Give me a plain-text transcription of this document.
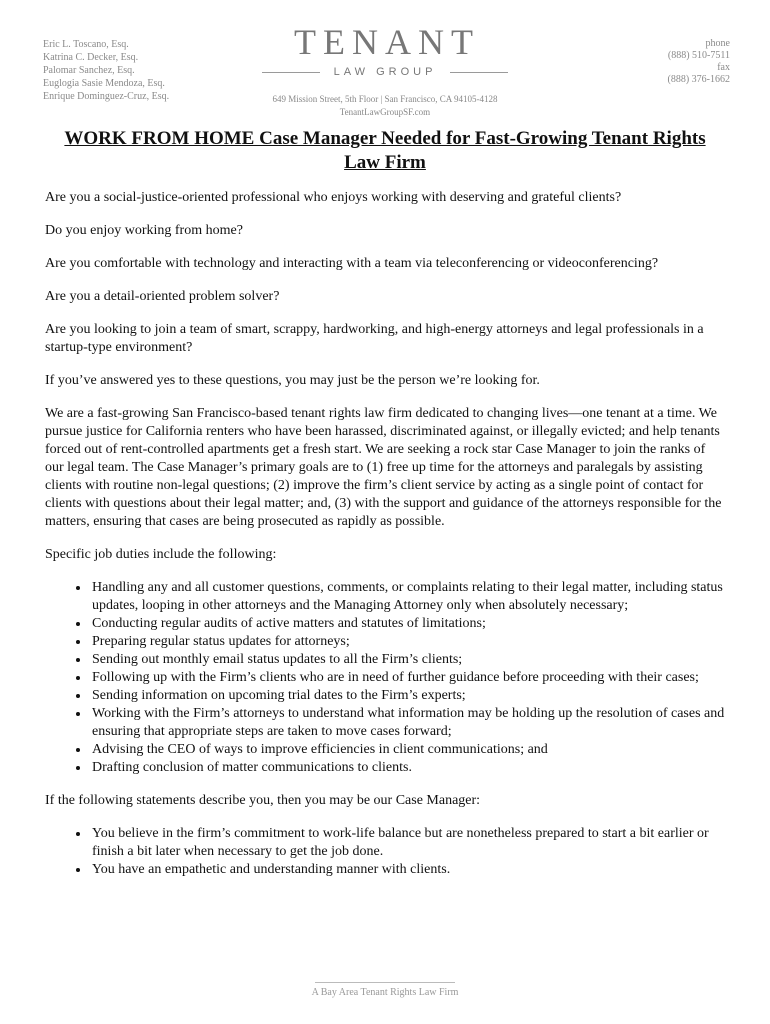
Eric L. Toscano, Esq.
Katrina C. Decker, Esq.
Palomar Sanchez, Esq.
Euglogia Sasie Mendoza, Esq.
Enrique Dominguez-Cruz, Esq.
TENANT
LAW GROUP
649 Mission Street, 5th Floor | San Francisco, CA 94105-4128
TenantLawGroupSF.com
phone
(888) 510-7511
fax
(888) 376-1662
WORK FROM HOME Case Manager Needed for Fast-Growing Tenant Rights Law Firm

Are you a social-justice-oriented professional who enjoys working with deserving and grateful clients?

Do you enjoy working from home?

Are you comfortable with technology and interacting with a team via teleconferencing or videoconferencing?

Are you a detail-oriented problem solver?

Are you looking to join a team of smart, scrappy, hardworking, and high-energy attorneys and legal professionals in a startup-type environment?

If you’ve answered yes to these questions, you may just be the person we’re looking for.

We are a fast-growing San Francisco-based tenant rights law firm dedicated to changing lives—one tenant at a time. We pursue justice for California renters who have been harassed, discriminated against, or illegally evicted; and help tenants forced out of rent-controlled apartments get a fresh start. We are seeking a rock star Case Manager to join the ranks of our legal team. The Case Manager’s primary goals are to (1) free up time for the attorneys and paralegals by assisting clients with routine non-legal questions; (2) improve the firm’s client service by acting as a single point of contact for clients with questions about their legal matter; and, (3) with the support and guidance of the attorneys responsible for the matters, ensuring that cases are being prosecuted as rapidly as possible.

Specific job duties include the following:

• Handling any and all customer questions, comments, or complaints relating to their legal matter, including status updates, looping in other attorneys and the Managing Attorney only when absolutely necessary;
• Conducting regular audits of active matters and statutes of limitations;
• Preparing regular status updates for attorneys;
• Sending out monthly email status updates to all the Firm’s clients;
• Following up with the Firm’s clients who are in need of further guidance before proceeding with their cases;
• Sending information on upcoming trial dates to the Firm’s experts;
• Working with the Firm’s attorneys to understand what information may be holding up the resolution of cases and ensuring that appropriate steps are taken to move cases forward;
• Advising the CEO of ways to improve efficiencies in client communications; and
• Drafting conclusion of matter communications to clients.

If the following statements describe you, then you may be our Case Manager:

• You believe in the firm’s commitment to work-life balance but are nonetheless prepared to start a bit earlier or finish a bit later when necessary to get the job done.
• You have an empathetic and understanding manner with clients.
A Bay Area Tenant Rights Law Firm
